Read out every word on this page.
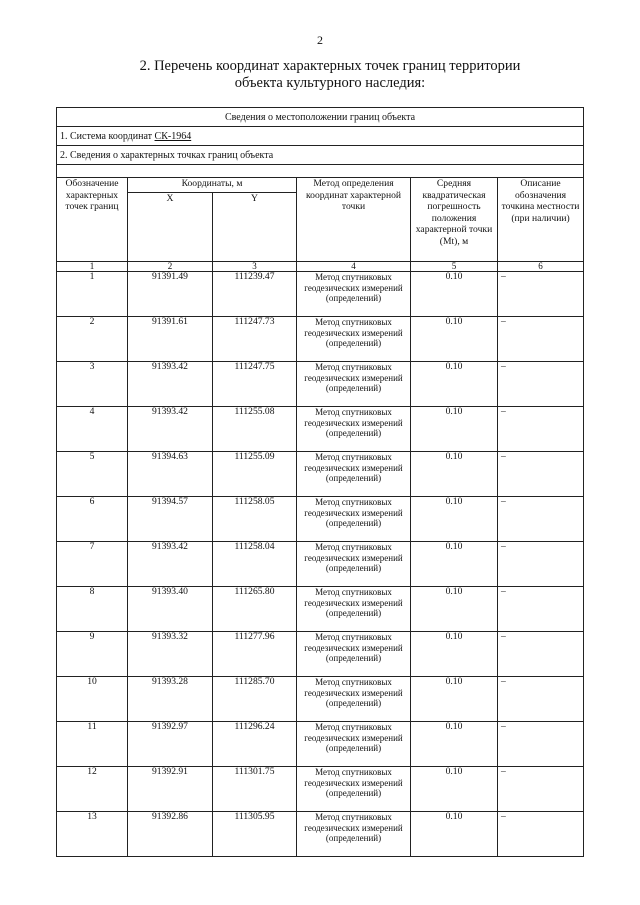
2
2. Перечень координат характерных точек границ территории
объекта культурного наследия:
Сведения о местоположении границ объекта					
1. Система координат СК-1964					
2. Сведения о характерных точках границ объекта					

Обозначение характерных точек границ	Координаты, м		Метод определения координат характерной точки	Средняя квадратическая погрешность положения характерной точки (Mt), м	Описание обозначения точкина местности (при наличии)
	X	Y			
1	2	3	4	5	6
1	91391.49	111239.47	Метод спутниковых геодезических измерений (определений)	0.10	–
2	91391.61	111247.73	Метод спутниковых геодезических измерений (определений)	0.10	–
3	91393.42	111247.75	Метод спутниковых геодезических измерений (определений)	0.10	–
4	91393.42	111255.08	Метод спутниковых геодезических измерений (определений)	0.10	–
5	91394.63	111255.09	Метод спутниковых геодезических измерений (определений)	0.10	–
6	91394.57	111258.05	Метод спутниковых геодезических измерений (определений)	0.10	–
7	91393.42	111258.04	Метод спутниковых геодезических измерений (определений)	0.10	–
8	91393.40	111265.80	Метод спутниковых геодезических измерений (определений)	0.10	–
9	91393.32	111277.96	Метод спутниковых геодезических измерений (определений)	0.10	–
10	91393.28	111285.70	Метод спутниковых геодезических измерений (определений)	0.10	–
11	91392.97	111296.24	Метод спутниковых геодезических измерений (определений)	0.10	–
12	91392.91	111301.75	Метод спутниковых геодезических измерений (определений)	0.10	–
13	91392.86	111305.95	Метод спутниковых геодезических измерений (определений)	0.10	–
